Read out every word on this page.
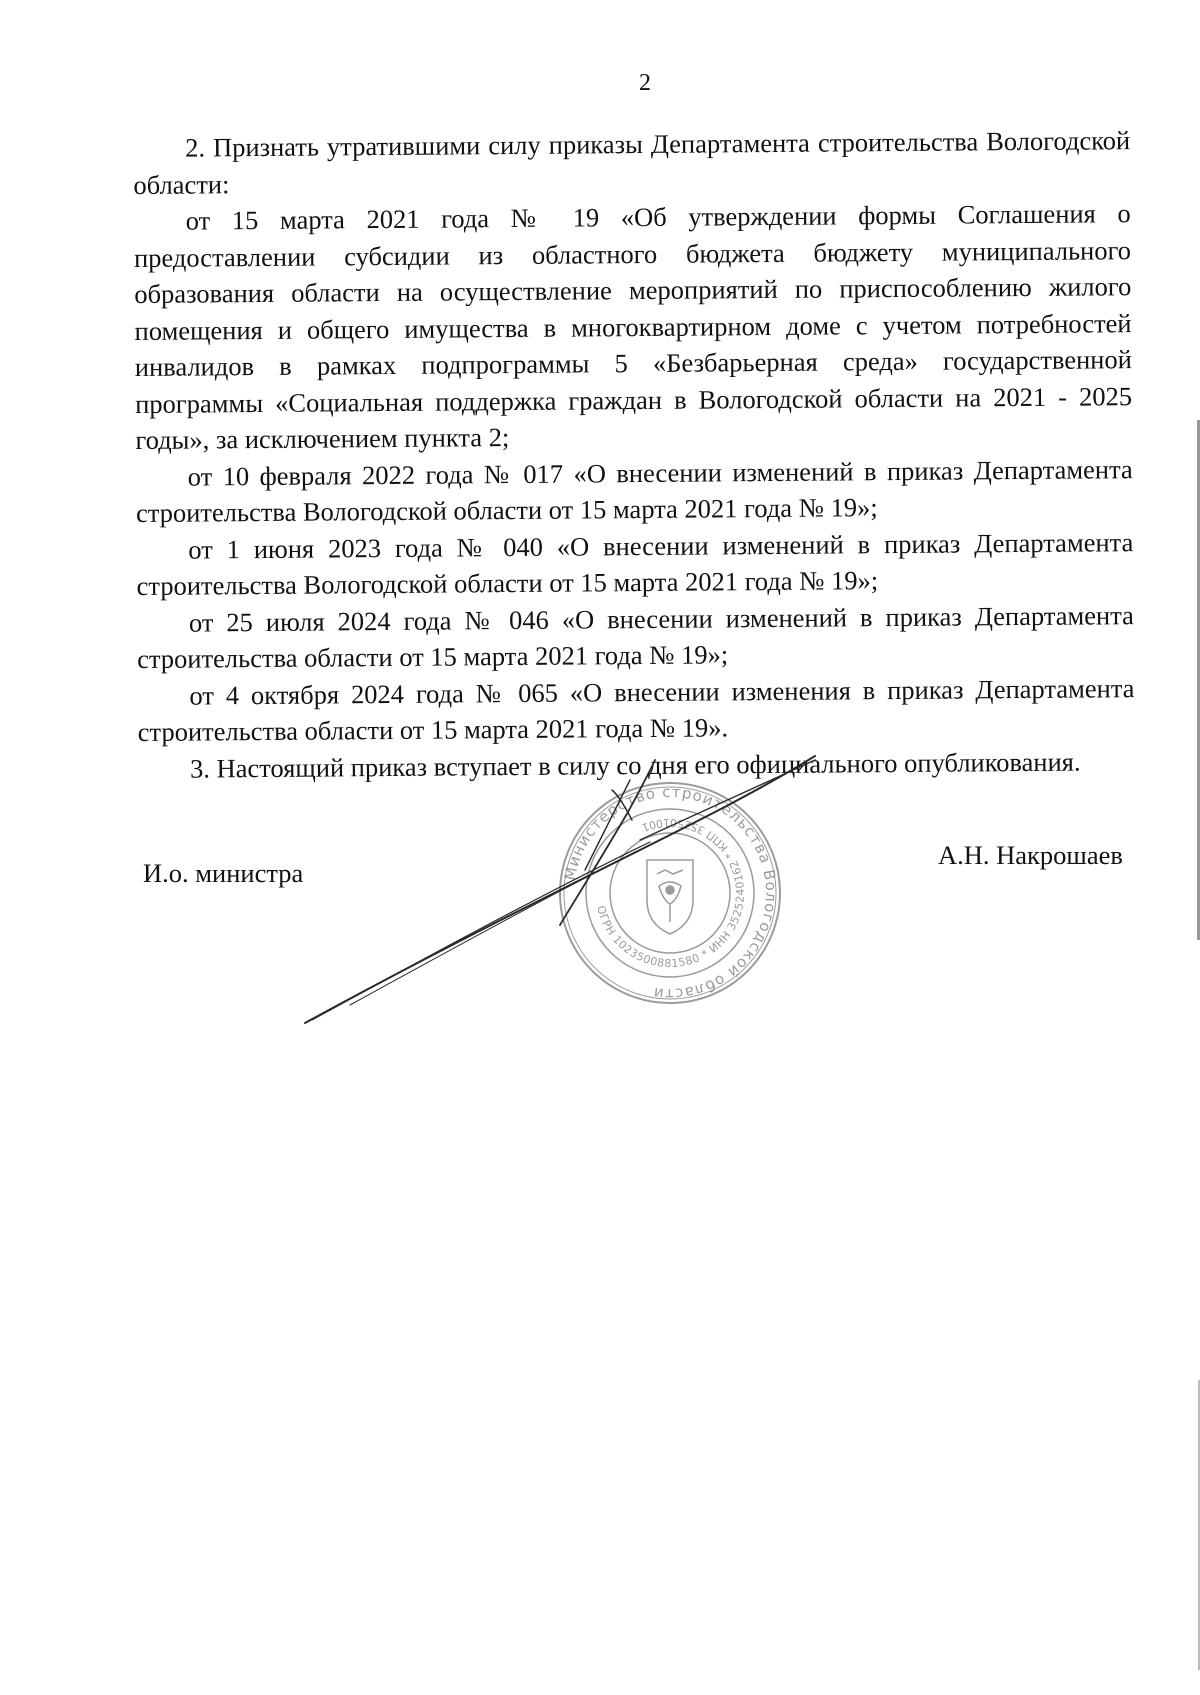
2

2. Признать утратившими силу приказы Департамента строительства Вологодской области:

от 15 марта 2021 года № 19 «Об утверждении формы Соглашения о предоставлении субсидии из областного бюджета бюджету муниципального образования области на осуществление мероприятий по приспособлению жилого помещения и общего имущества в многоквартирном доме с учетом потребностей инвалидов в рамках подпрограммы 5 «Безбарьерная среда» государственной программы «Социальная поддержка граждан в Вологодской области на 2021 - 2025 годы», за исключением пункта 2;

от 10 февраля 2022 года № 017 «О внесении изменений в приказ Департамента строительства Вологодской области от 15 марта 2021 года № 19»;

от 1 июня 2023 года № 040 «О внесении изменений в приказ Департамента строительства Вологодской области от 15 марта 2021 года № 19»;

от 25 июля 2024 года № 046 «О внесении изменений в приказ Департамента строительства области от 15 марта 2021 года № 19»;

от 4 октября 2024 года № 065 «О внесении изменения в приказ Департамента строительства области от 15 марта 2021 года № 19».

3. Настоящий приказ вступает в силу со дня его официального опубликования.

И.о. министра
А.Н. Накрошаев
Министерство строительства Вологодской области
ОГРН 1023500881580 * ИНН 3525240162 * КПП 352501001
